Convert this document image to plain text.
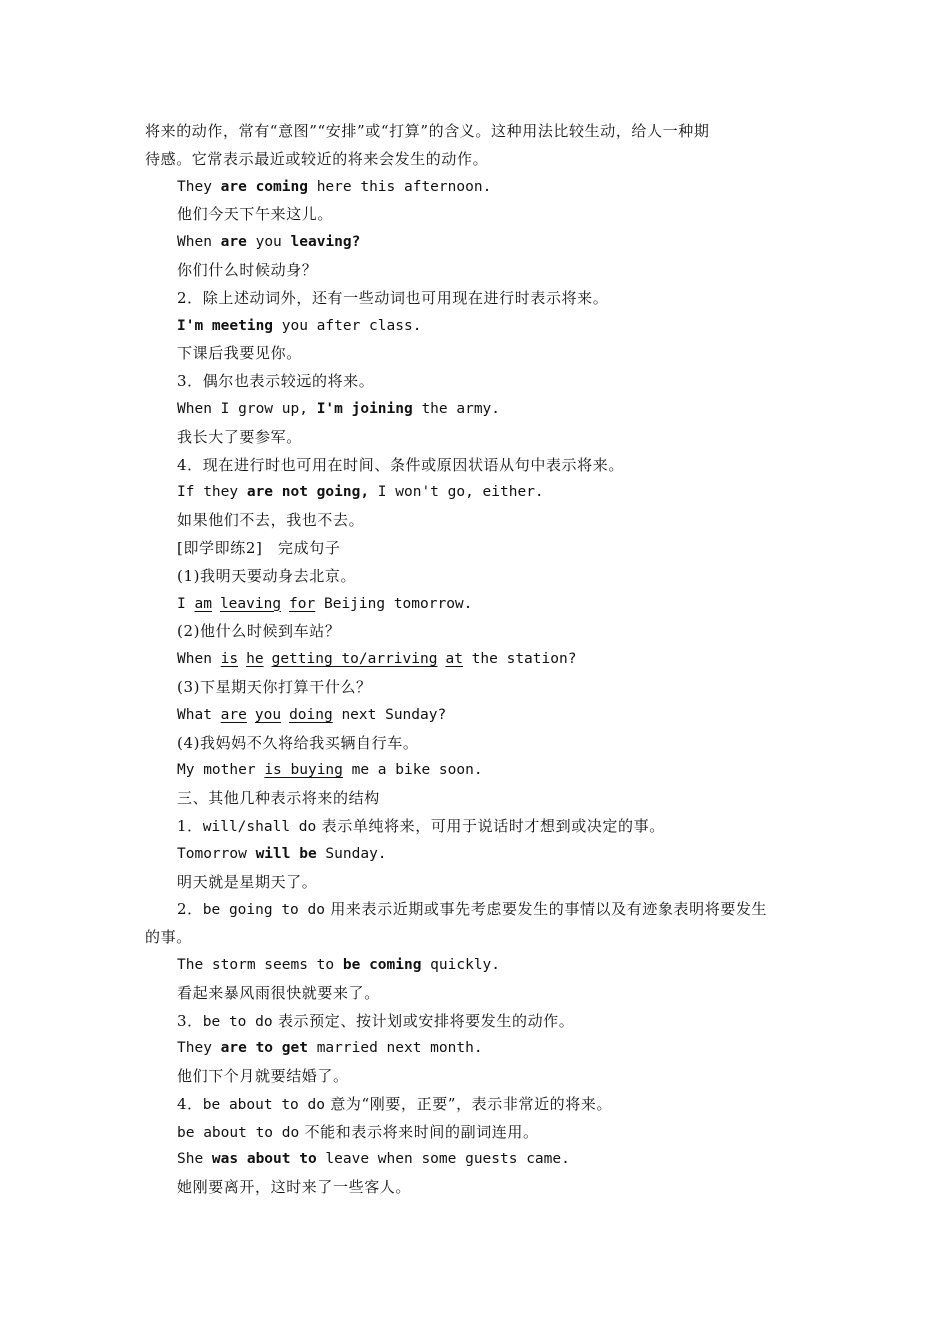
将来的动作，常有“意图”“安排”或“打算”的含义。这种用法比较生动，给人一种期
待感。它常表示最近或较近的将来会发生的动作。
They are coming here this afternoon.
他们今天下午来这儿。
When are you leaving?
你们什么时候动身？
2．除上述动词外，还有一些动词也可用现在进行时表示将来。
I'm meeting you after class.
下课后我要见你。
3．偶尔也表示较远的将来。
When I grow up, I'm joining the army.
我长大了要参军。
4．现在进行时也可用在时间、条件或原因状语从句中表示将来。
If they are not going, I won't go, either.
如果他们不去，我也不去。
[即学即练2]　完成句子
(1)我明天要动身去北京。
I am leaving for Beijing tomorrow.
(2)他什么时候到车站？
When is he getting to/arriving at the station?
(3)下星期天你打算干什么？
What are you doing next Sunday?
(4)我妈妈不久将给我买辆自行车。
My mother is buying me a bike soon.
三、其他几种表示将来的结构
1．will/shall do 表示单纯将来，可用于说话时才想到或决定的事。
Tomorrow will be Sunday.
明天就是星期天了。
2．be going to do 用来表示近期或事先考虑要发生的事情以及有迹象表明将要发生
的事。
The storm seems to be coming quickly.
看起来暴风雨很快就要来了。
3．be to do 表示预定、按计划或安排将要发生的动作。
They are to get married next month.
他们下个月就要结婚了。
4．be about to do 意为“刚要，正要”，表示非常近的将来。
be about to do 不能和表示将来时间的副词连用。
She was about to leave when some guests came.
她刚要离开，这时来了一些客人。
